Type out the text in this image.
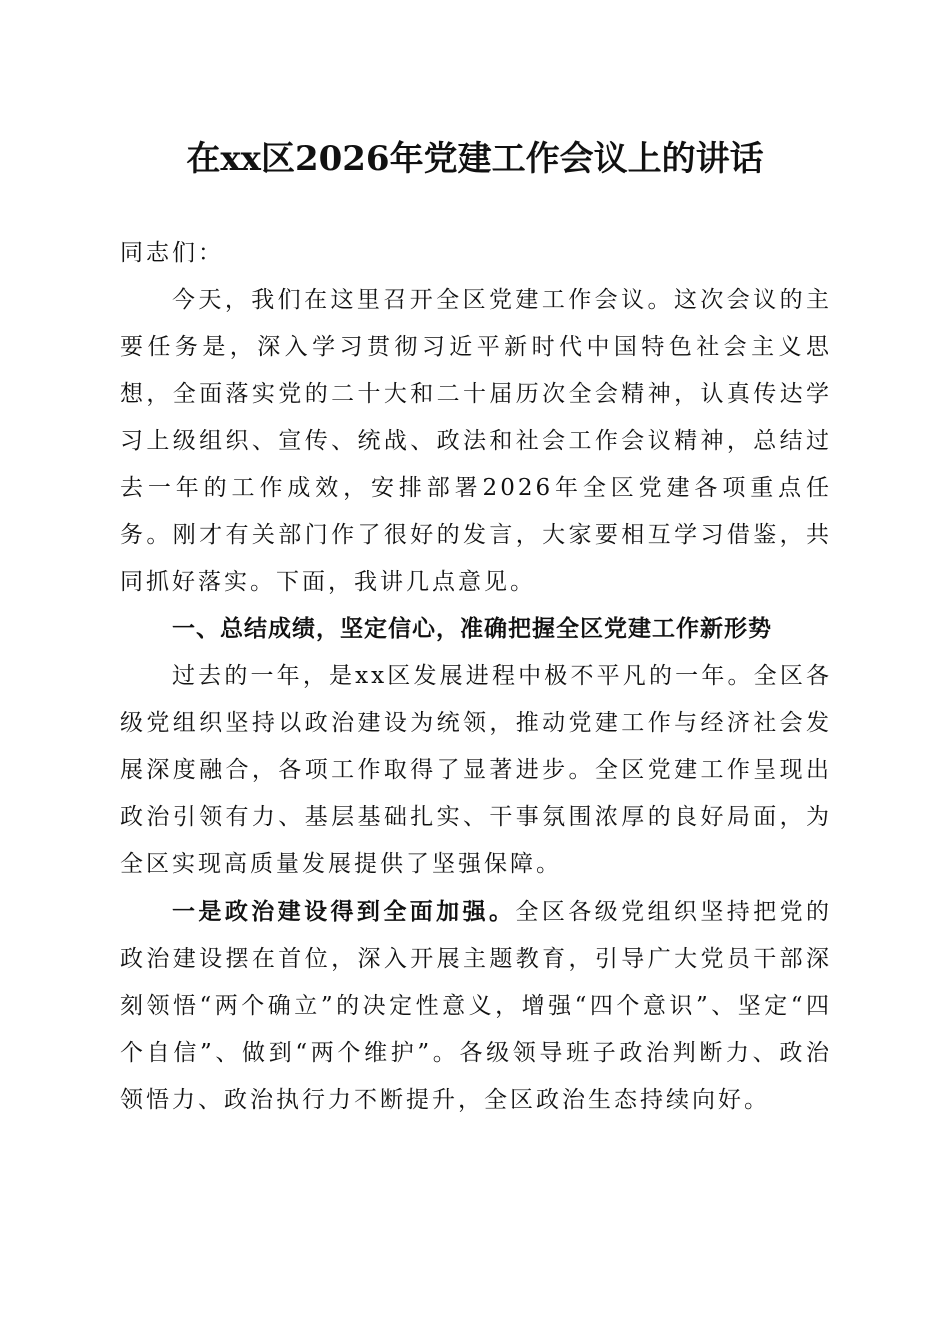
在xx区2026年党建工作会议上的讲话

同志们：

今天，我们在这里召开全区党建工作会议。这次会议的主要任务是，深入学习贯彻习近平新时代中国特色社会主义思想，全面落实党的二十大和二十届历次全会精神，认真传达学习上级组织、宣传、统战、政法和社会工作会议精神，总结过去一年的工作成效，安排部署2026年全区党建各项重点任务。刚才有关部门作了很好的发言，大家要相互学习借鉴，共同抓好落实。下面，我讲几点意见。

一、总结成绩，坚定信心，准确把握全区党建工作新形势

过去的一年，是xx区发展进程中极不平凡的一年。全区各级党组织坚持以政治建设为统领，推动党建工作与经济社会发展深度融合，各项工作取得了显著进步。全区党建工作呈现出政治引领有力、基层基础扎实、干事氛围浓厚的良好局面，为全区实现高质量发展提供了坚强保障。

一是政治建设得到全面加强。全区各级党组织坚持把党的政治建设摆在首位，深入开展主题教育，引导广大党员干部深刻领悟“两个确立”的决定性意义，增强“四个意识”、坚定“四个自信”、做到“两个维护”。各级领导班子政治判断力、政治领悟力、政治执行力不断提升，全区政治生态持续向好。
